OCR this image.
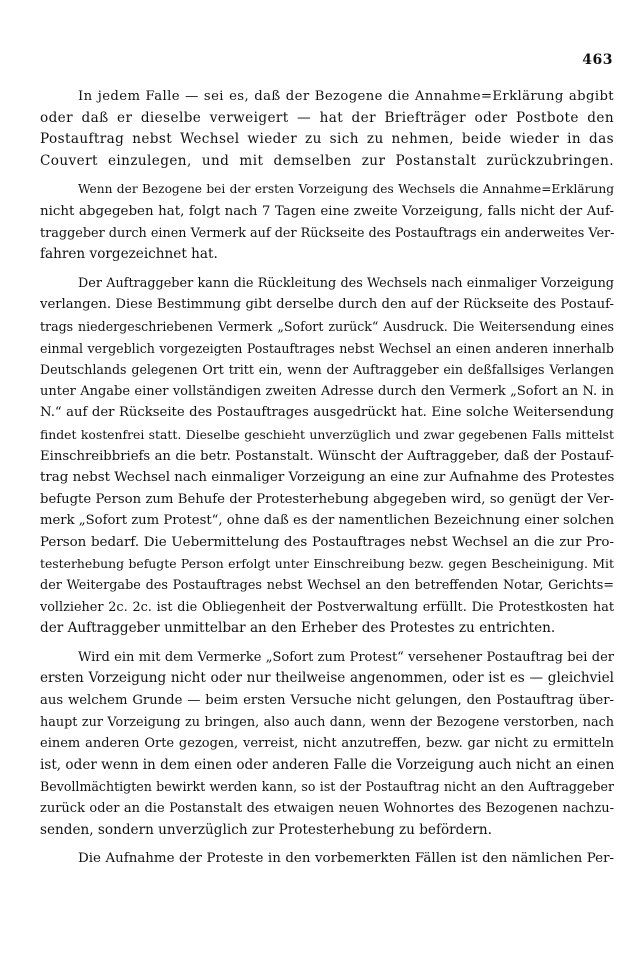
463
In jedem Falle — sei es, daß der Bezogene die Annahme=Erklärung abgibt
oder daß er dieselbe verweigert — hat der Briefträger oder Postbote den
Postauftrag nebst Wechsel wieder zu sich zu nehmen, beide wieder in das
Couvert einzulegen, und mit demselben zur Postanstalt zurückzubringen.
Wenn der Bezogene bei der ersten Vorzeigung des Wechsels die Annahme=Erklärung
nicht abgegeben hat, folgt nach 7 Tagen eine zweite Vorzeigung, falls nicht der Auf-
traggeber durch einen Vermerk auf der Rückseite des Postauftrags ein anderweites Ver-
fahren vorgezeichnet hat.
Der Auftraggeber kann die Rückleitung des Wechsels nach einmaliger Vorzeigung
verlangen. Diese Bestimmung gibt derselbe durch den auf der Rückseite des Postauf-
trags niedergeschriebenen Vermerk „Sofort zurück“ Ausdruck. Die Weitersendung eines
einmal vergeblich vorgezeigten Postauftrages nebst Wechsel an einen anderen innerhalb
Deutschlands gelegenen Ort tritt ein, wenn der Auftraggeber ein deßfallsiges Verlangen
unter Angabe einer vollständigen zweiten Adresse durch den Vermerk „Sofort an N. in
N.“ auf der Rückseite des Postauftrages ausgedrückt hat. Eine solche Weitersendung
findet kostenfrei statt. Dieselbe geschieht unverzüglich und zwar gegebenen Falls mittelst
Einschreibbriefs an die betr. Postanstalt. Wünscht der Auftraggeber, daß der Postauf-
trag nebst Wechsel nach einmaliger Vorzeigung an eine zur Aufnahme des Protestes
befugte Person zum Behufe der Protesterhebung abgegeben wird, so genügt der Ver-
merk „Sofort zum Protest“, ohne daß es der namentlichen Bezeichnung einer solchen
Person bedarf. Die Uebermittelung des Postauftrages nebst Wechsel an die zur Pro-
testerhebung befugte Person erfolgt unter Einschreibung bezw. gegen Bescheinigung. Mit
der Weitergabe des Postauftrages nebst Wechsel an den betreffenden Notar, Gerichts=
vollzieher 2c. 2c. ist die Obliegenheit der Postverwaltung erfüllt. Die Protestkosten hat
der Auftraggeber unmittelbar an den Erheber des Protestes zu entrichten.
Wird ein mit dem Vermerke „Sofort zum Protest“ versehener Postauftrag bei der
ersten Vorzeigung nicht oder nur theilweise angenommen, oder ist es — gleichviel
aus welchem Grunde — beim ersten Versuche nicht gelungen, den Postauftrag über-
haupt zur Vorzeigung zu bringen, also auch dann, wenn der Bezogene verstorben, nach
einem anderen Orte gezogen, verreist, nicht anzutreffen, bezw. gar nicht zu ermitteln
ist, oder wenn in dem einen oder anderen Falle die Vorzeigung auch nicht an einen
Bevollmächtigten bewirkt werden kann, so ist der Postauftrag nicht an den Auftraggeber
zurück oder an die Postanstalt des etwaigen neuen Wohnortes des Bezogenen nachzu-
senden, sondern unverzüglich zur Protesterhebung zu befördern.
Die Aufnahme der Proteste in den vorbemerkten Fällen ist den nämlichen Per-
